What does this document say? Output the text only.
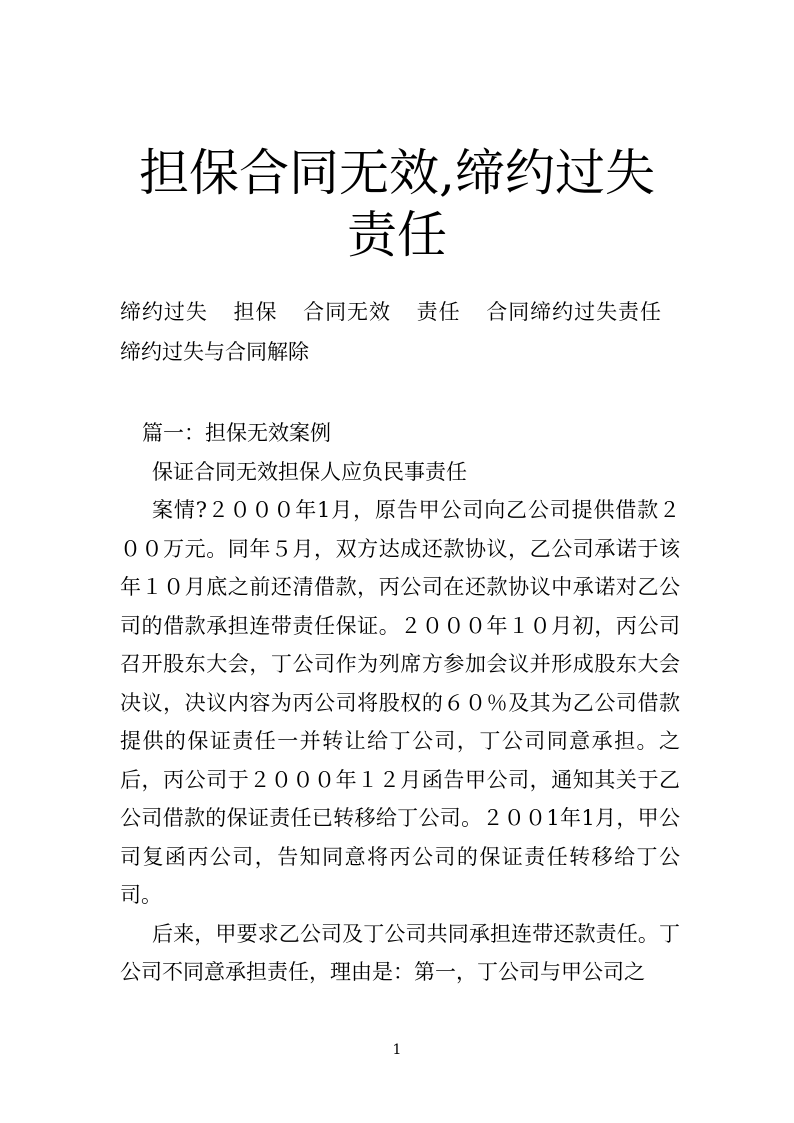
担保合同无效,缔约过失
责任
缔约过失 担保 合同无效 责任 合同缔约过失责任 缔约过失与合同解除
篇一：担保无效案例
保证合同无效担保人应负民事责任

案情?２０００年1月，原告甲公司向乙公司提供借款２００万元。同年５月，双方达成还款协议，乙公司承诺于该年１０月底之前还清借款，丙公司在还款协议中承诺对乙公司的借款承担连带责任保证。２０００年１０月初，丙公司召开股东大会，丁公司作为列席方参加会议并形成股东大会决议，决议内容为丙公司将股权的６０％及其为乙公司借款提供的保证责任一并转让给丁公司，丁公司同意承担。之后，丙公司于２０００年１２月函告甲公司，通知其关于乙公司借款的保证责任已转移给丁公司。２００1年1月，甲公司复函丙公司，告知同意将丙公司的保证责任转移给丁公司。

后来，甲要求乙公司及丁公司共同承担连带还款责任。丁公司不同意承担责任，理由是：第一，丁公司与甲公司之

1
